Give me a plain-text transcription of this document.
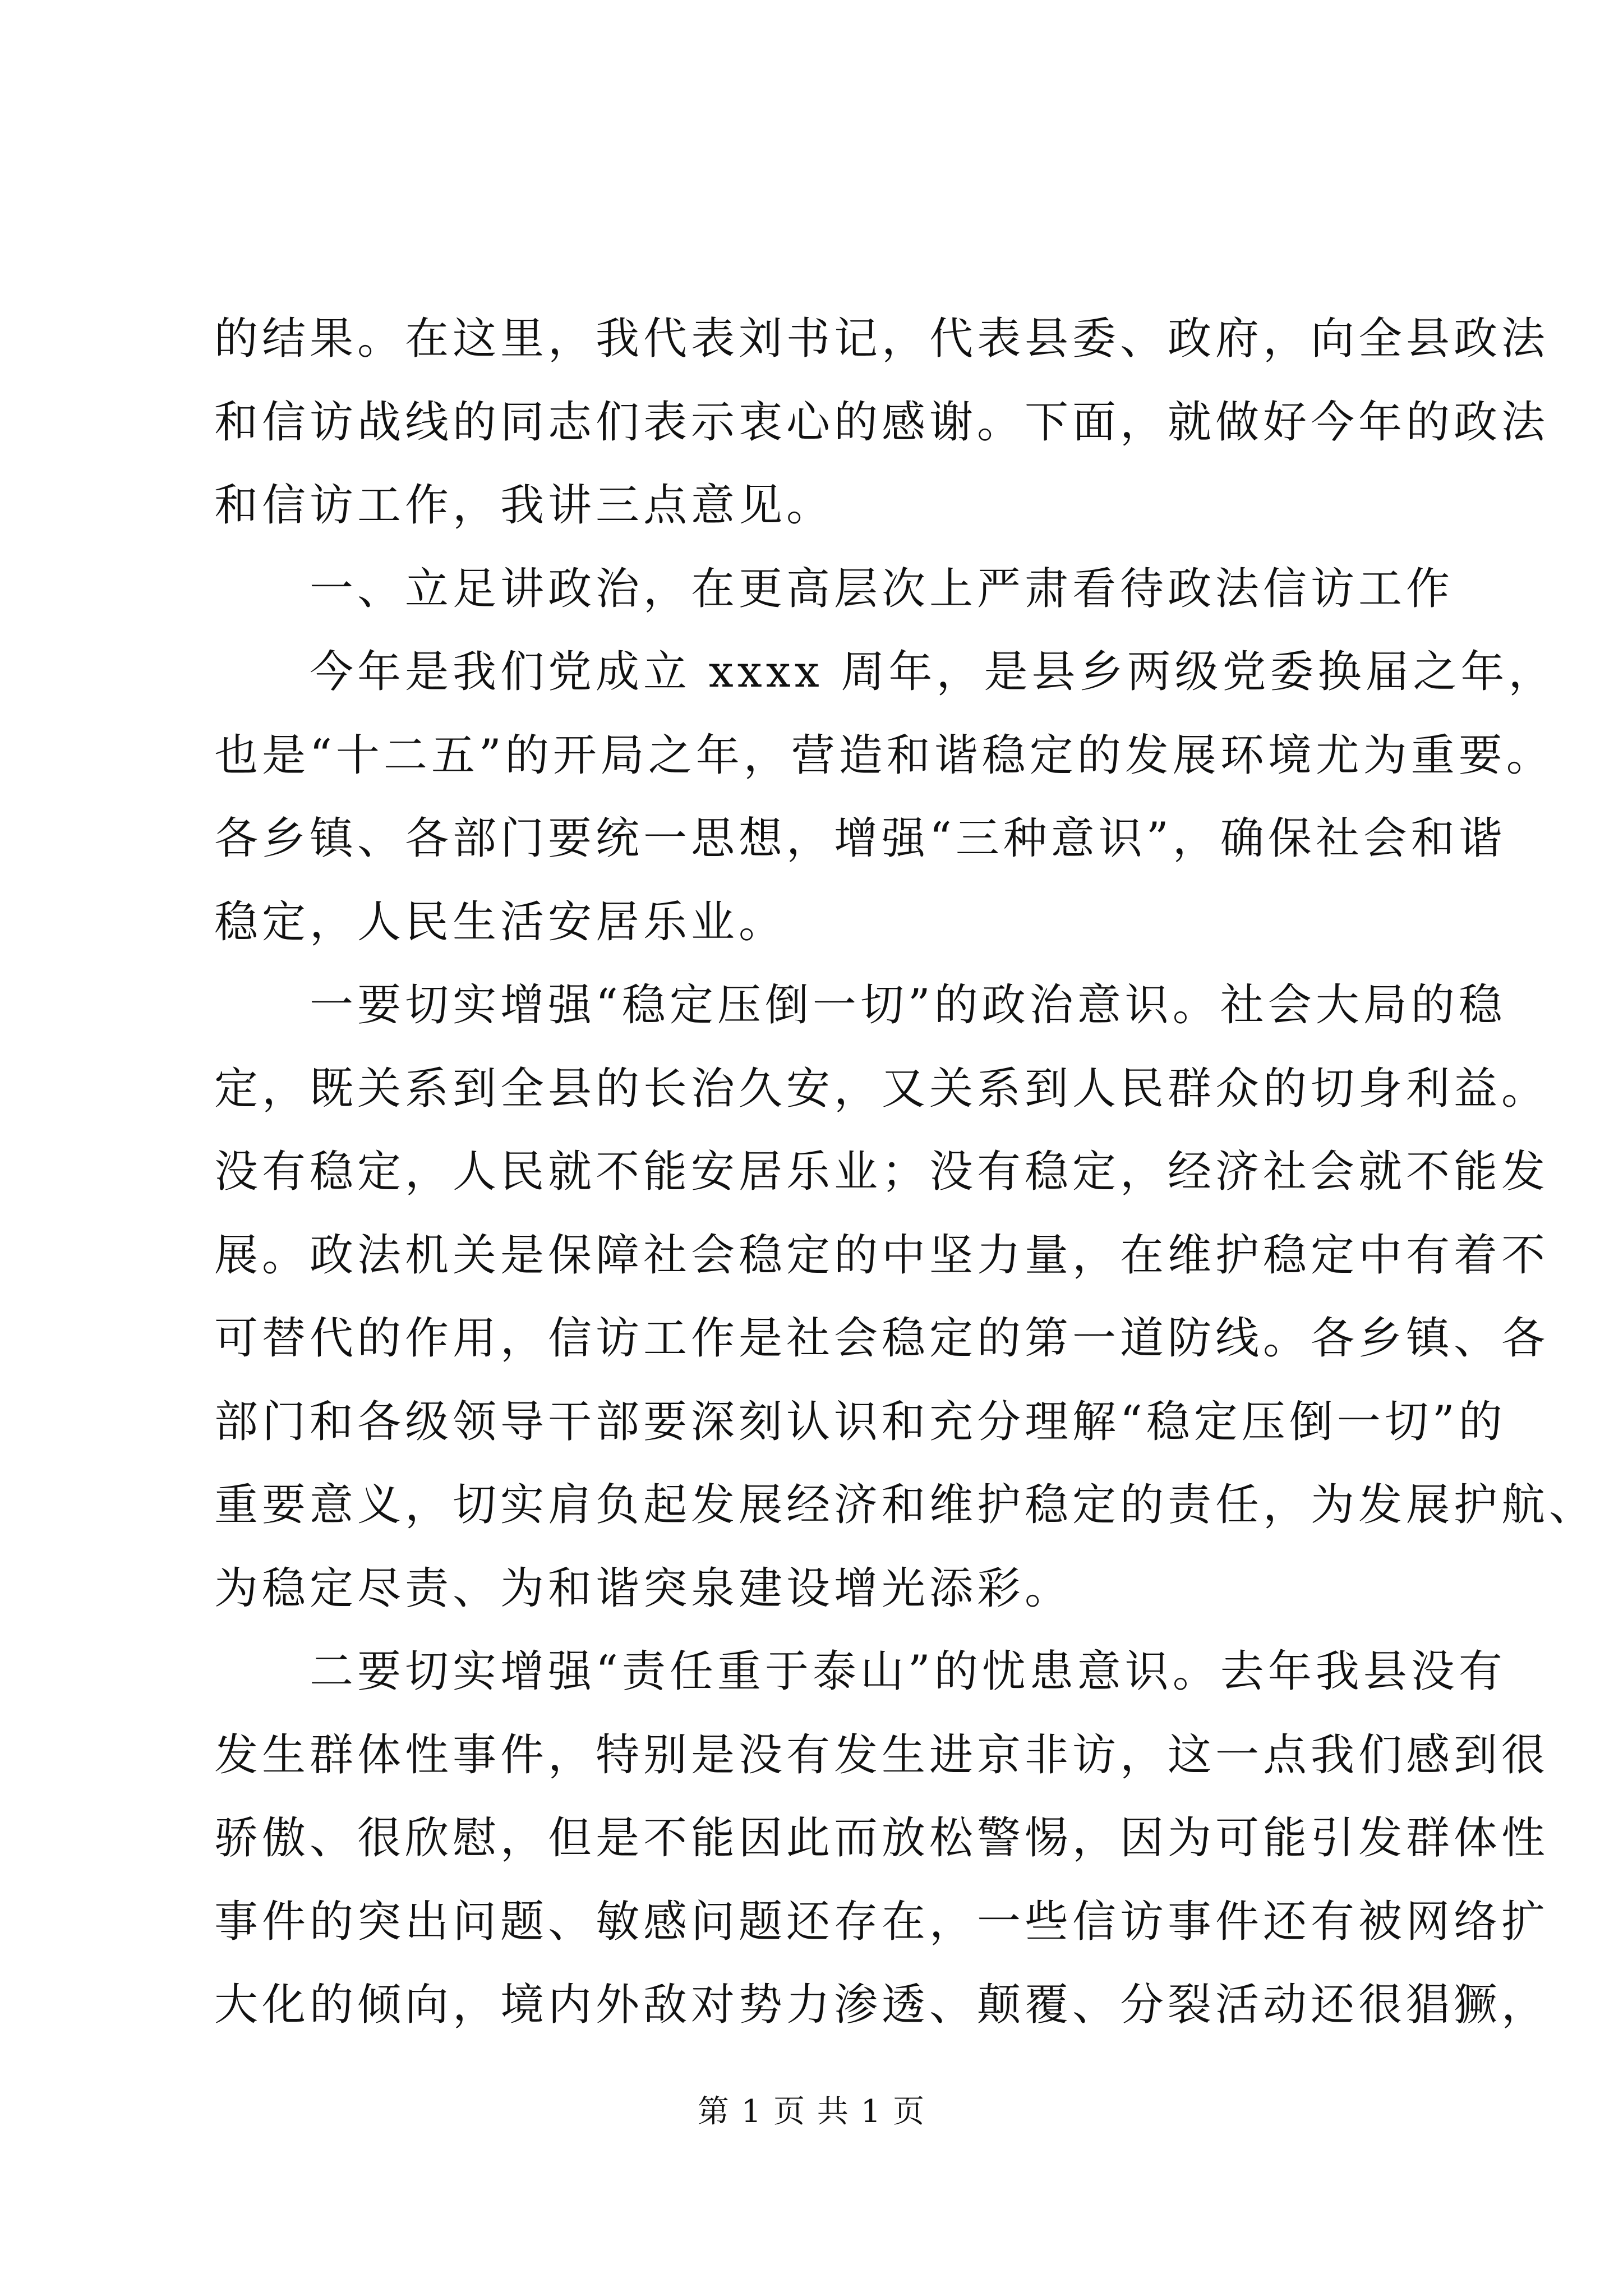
的结果。在这里，我代表刘书记，代表县委、政府，向全县政法
和信访战线的同志们表示衷心的感谢。下面，就做好今年的政法
和信访工作，我讲三点意见。
一、立足讲政治，在更高层次上严肃看待政法信访工作
今年是我们党成立 xxxx 周年，是县乡两级党委换届之年，
也是“十二五”的开局之年，营造和谐稳定的发展环境尤为重要。
各乡镇、各部门要统一思想，增强“三种意识”，确保社会和谐
稳定，人民生活安居乐业。
一要切实增强“稳定压倒一切”的政治意识。社会大局的稳
定，既关系到全县的长治久安，又关系到人民群众的切身利益。
没有稳定，人民就不能安居乐业；没有稳定，经济社会就不能发
展。政法机关是保障社会稳定的中坚力量，在维护稳定中有着不
可替代的作用，信访工作是社会稳定的第一道防线。各乡镇、各
部门和各级领导干部要深刻认识和充分理解“稳定压倒一切”的
重要意义，切实肩负起发展经济和维护稳定的责任，为发展护航、
为稳定尽责、为和谐突泉建设增光添彩。
二要切实增强“责任重于泰山”的忧患意识。去年我县没有
发生群体性事件，特别是没有发生进京非访，这一点我们感到很
骄傲、很欣慰，但是不能因此而放松警惕，因为可能引发群体性
事件的突出问题、敏感问题还存在，一些信访事件还有被网络扩
大化的倾向，境内外敌对势力渗透、颠覆、分裂活动还很猖獗，
第 1 页 共 1 页
